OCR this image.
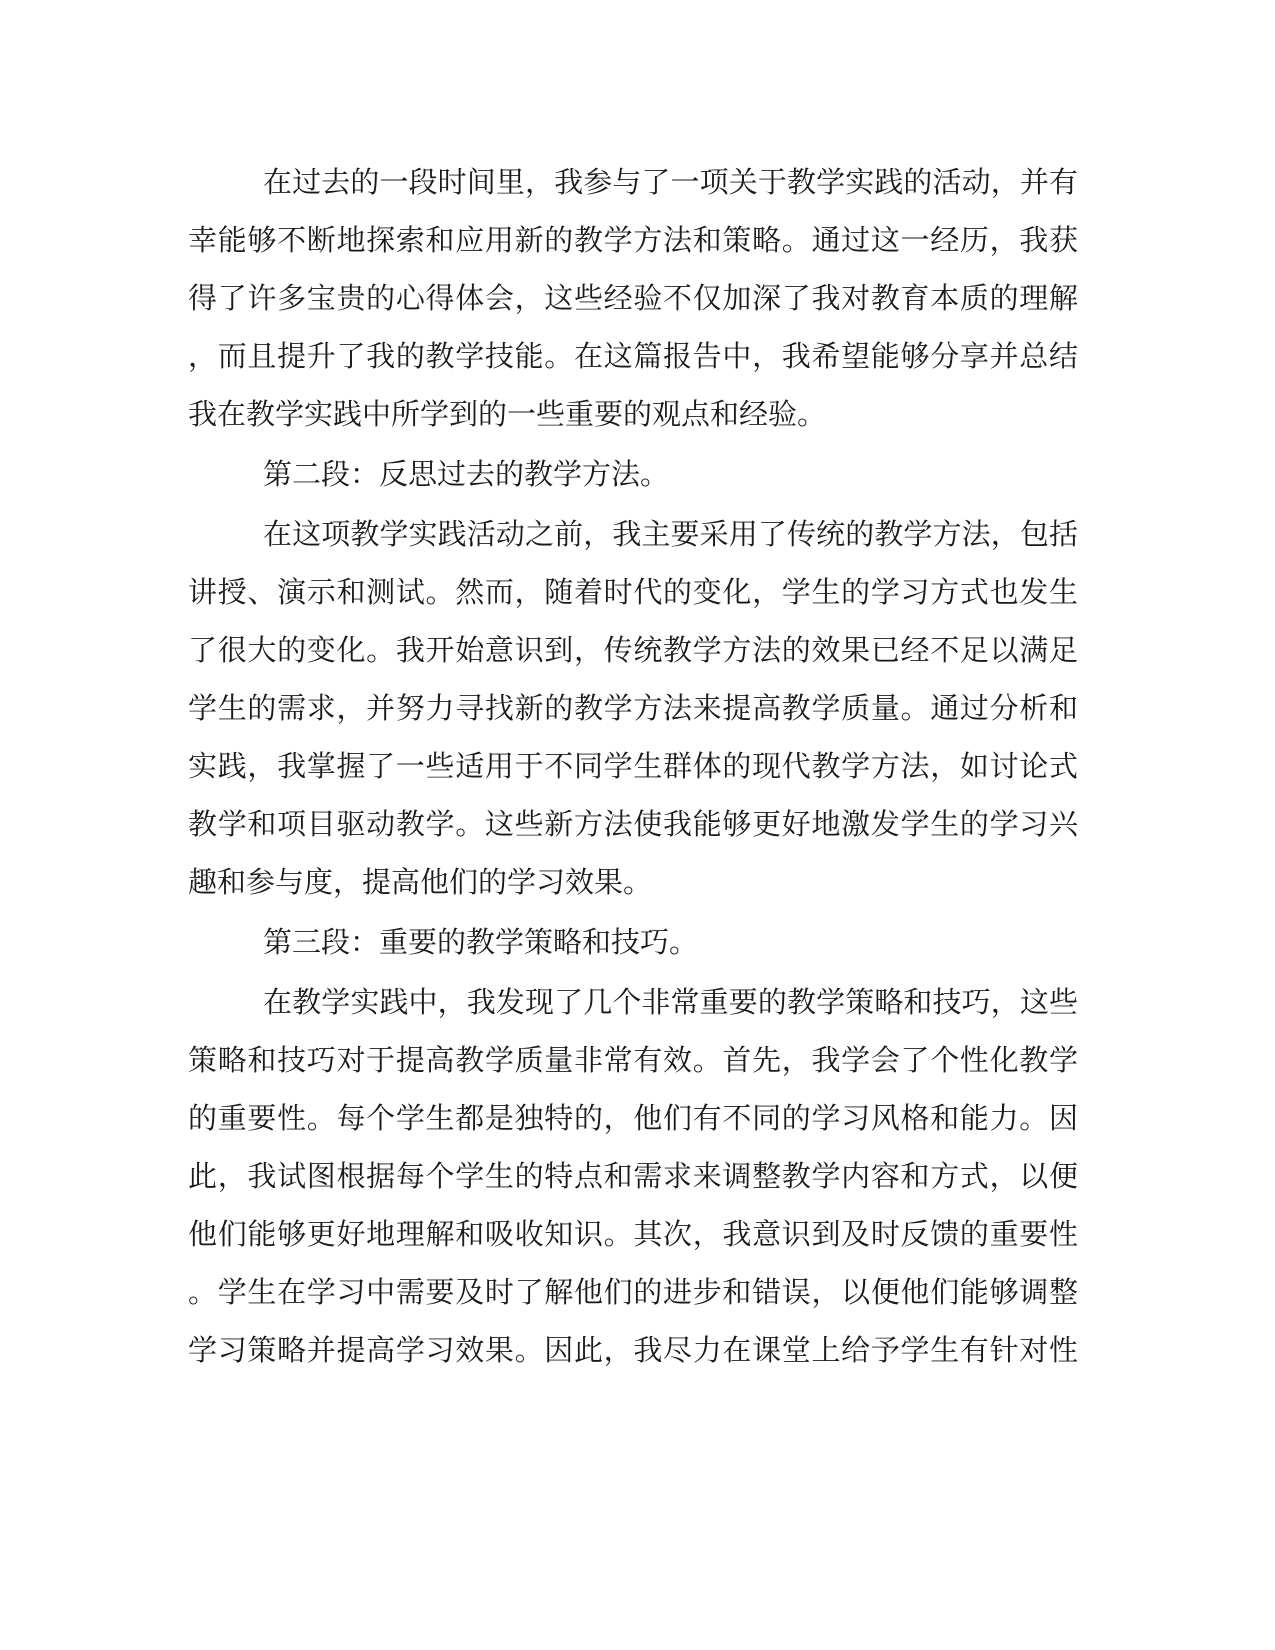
在过去的一段时间里，我参与了一项关于教学实践的活动，并有

幸能够不断地探索和应用新的教学方法和策略。通过这一经历，我获

得了许多宝贵的心得体会，这些经验不仅加深了我对教育本质的理解

，而且提升了我的教学技能。在这篇报告中，我希望能够分享并总结

我在教学实践中所学到的一些重要的观点和经验。

第二段：反思过去的教学方法。

在这项教学实践活动之前，我主要采用了传统的教学方法，包括

讲授、演示和测试。然而，随着时代的变化，学生的学习方式也发生

了很大的变化。我开始意识到，传统教学方法的效果已经不足以满足

学生的需求，并努力寻找新的教学方法来提高教学质量。通过分析和

实践，我掌握了一些适用于不同学生群体的现代教学方法，如讨论式

教学和项目驱动教学。这些新方法使我能够更好地激发学生的学习兴

趣和参与度，提高他们的学习效果。

第三段：重要的教学策略和技巧。

在教学实践中，我发现了几个非常重要的教学策略和技巧，这些

策略和技巧对于提高教学质量非常有效。首先，我学会了个性化教学

的重要性。每个学生都是独特的，他们有不同的学习风格和能力。因

此，我试图根据每个学生的特点和需求来调整教学内容和方式，以便

他们能够更好地理解和吸收知识。其次，我意识到及时反馈的重要性

。学生在学习中需要及时了解他们的进步和错误，以便他们能够调整

学习策略并提高学习效果。因此，我尽力在课堂上给予学生有针对性
